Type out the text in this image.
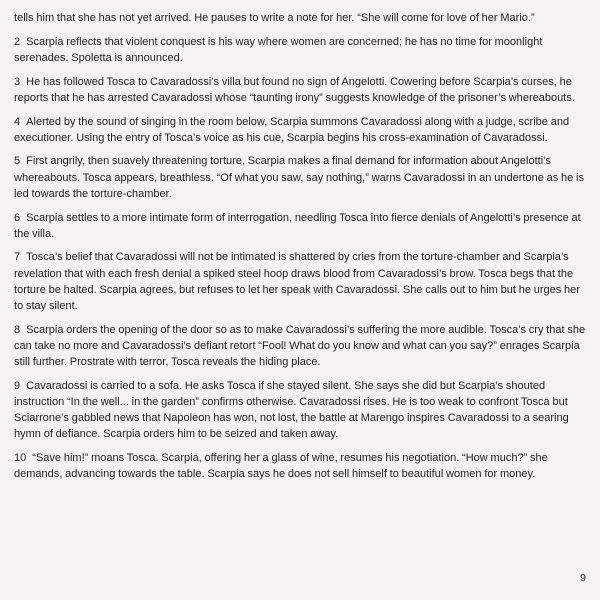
tells him that she has not yet arrived. He pauses to write a note for her. “She will come for love of her Mario.”

2 Scarpia reflects that violent conquest is his way where women are concerned; he has no time for moonlight serenades. Spoletta is announced.

3 He has followed Tosca to Cavaradossi’s villa but found no sign of Angelotti. Cowering before Scarpia’s curses, he reports that he has arrested Cavaradossi whose “taunting irony” suggests knowledge of the prisoner’s whereabouts.

4 Alerted by the sound of singing in the room below, Scarpia summons Cavaradossi along with a judge, scribe and executioner. Using the entry of Tosca’s voice as his cue, Scarpia begins his cross-examination of Cavaradossi.

5 First angrily, then suavely threatening torture, Scarpia makes a final demand for information about Angelotti’s whereabouts. Tosca appears, breathless. “Of what you saw, say nothing,” warns Cavaradossi in an undertone as he is led towards the torture-chamber.

6 Scarpia settles to a more intimate form of interrogation, needling Tosca into fierce denials of Angelotti’s presence at the villa.

7 Tosca’s belief that Cavaradossi will not be intimated is shattered by cries from the torture-chamber and Scarpia’s revelation that with each fresh denial a spiked steel hoop draws blood from Cavaradossi’s brow. Tosca begs that the torture be halted. Scarpia agrees, but refuses to let her speak with Cavaradossi. She calls out to him but he urges her to stay silent.

8 Scarpia orders the opening of the door so as to make Cavaradossi’s suffering the more audible. Tosca’s cry that she can take no more and Cavaradossi’s defiant retort “Fool! What do you know and what can you say?” enrages Scarpia still further. Prostrate with terror, Tosca reveals the hiding place.

9 Cavaradossi is carried to a sofa. He asks Tosca if she stayed silent. She says she did but Scarpia’s shouted instruction “In the well... in the garden” confirms otherwise. Cavaradossi rises. He is too weak to confront Tosca but Sciarrone’s gabbled news that Napoleon has won, not lost, the battle at Marengo inspires Cavaradossi to a searing hymn of defiance. Scarpia orders him to be seized and taken away.

10 “Save him!” moans Tosca. Scarpia, offering her a glass of wine, resumes his negotiation. “How much?” she demands, advancing towards the table. Scarpia says he does not sell himself to beautiful women for money.

9
